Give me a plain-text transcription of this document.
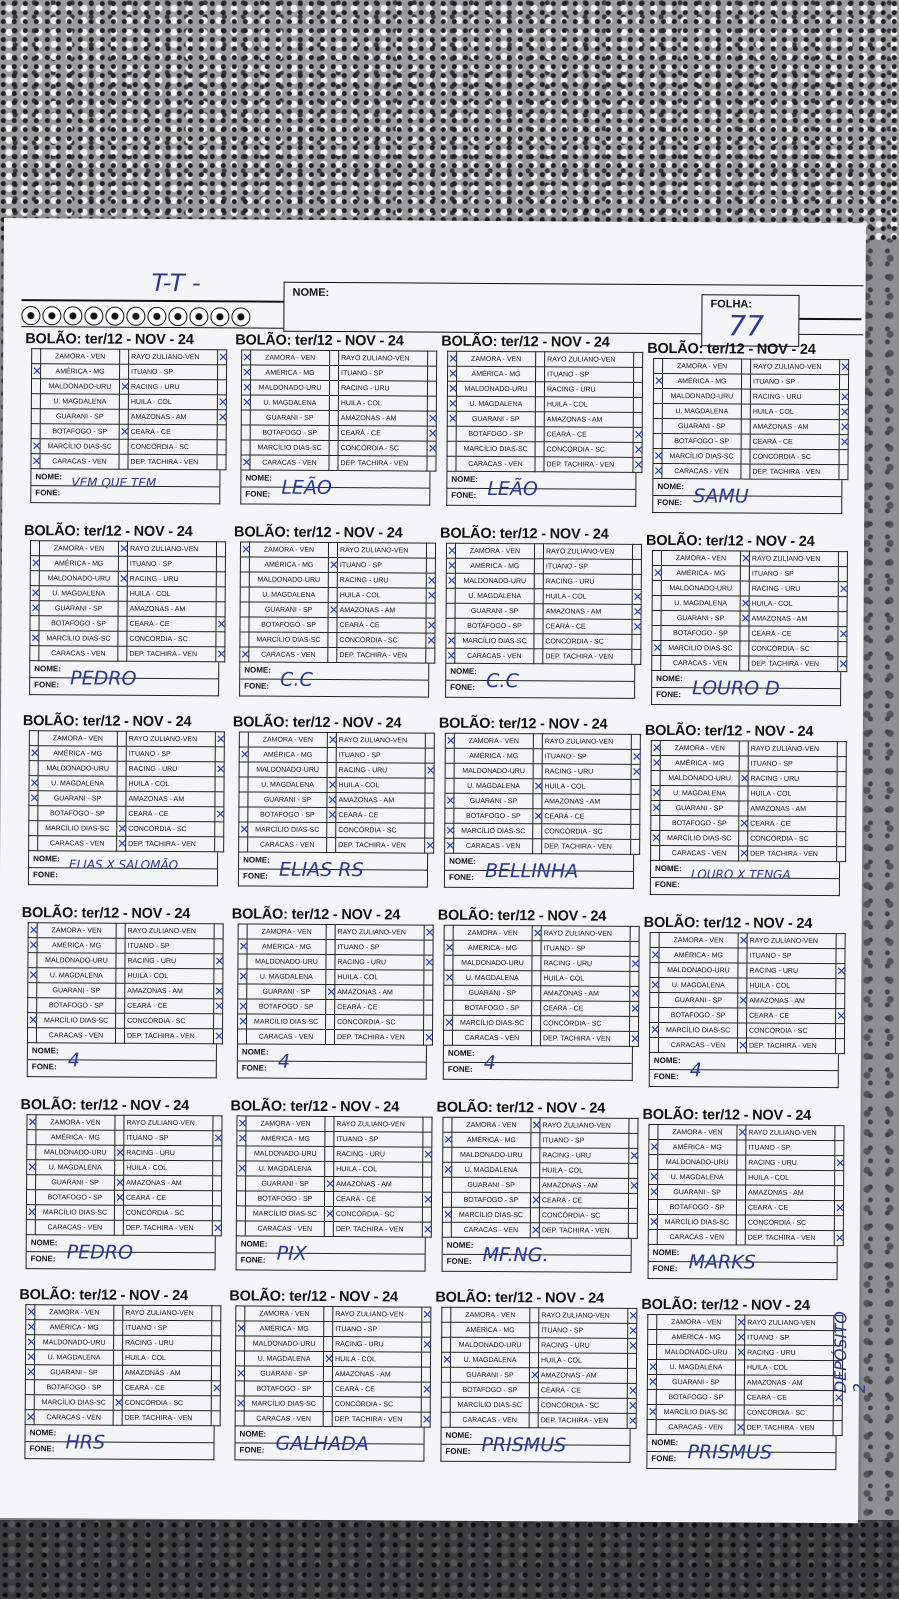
T-T -	NOME:
FOLHA:
77
BOLÃO: ter/12 - NOV - 24
	ZAMORA - VEN		RAYO ZULIANO-VEN	✕

✕	AMÉRICA - MG		ITUANO - SP	
	MALDONADO-URU	✕	RACING - URU	
	U. MAGDALENA		HUILA - COL	✕

	GUARANI - SP		AMAZONAS - AM	✕

	BOTAFOGO - SP	✕	CEARÁ - CE	

✕	MARCÍLIO DIAS-SC		CONCÓRDIA - SC	

✕	CARACAS - VEN		DEP. TACHIRA - VEN	
NOME:
FONE:
VEM QUE TEM
BOLÃO: ter/12 - NOV - 24
✕	ZAMORA - VEN		RAYO ZULIANO-VEN	

✕	AMÉRICA - MG		ITUANO - SP	

✕	MALDONADO-URU		RACING - URU	

✕	U. MAGDALENA		HUILA - COL	
	GUARANI - SP		AMAZONAS - AM	✕

	BOTAFOGO - SP		CEARÁ - CE	✕

	MARCÍLIO DIAS-SC		CONCÓRDIA - SC	✕

✕	CARACAS - VEN		DEP. TACHIRA - VEN	
NOME:
FONE: LEÃO
BOLÃO: ter/12 - NOV - 24
✕	ZAMORA - VEN		RAYO ZULIANO-VEN	

✕	AMÉRICA - MG		ITUANO - SP	

✕	MALDONADO-URU		RACING - URU	

✕	U. MAGDALENA		HUILA - COL	

✕	GUARANI - SP		AMAZONAS - AM	
	BOTAFOGO - SP		CEARÁ - CE	✕

	MARCÍLIO DIAS-SC		CONCÓRDIA - SC	✕

	CARACAS - VEN		DEP. TACHIRA - VEN	✕
NOME:
FONE: LEÃO
BOLÃO: ter/12 - NOV - 24
	ZAMORA - VEN		RAYO ZULIANO-VEN	✕

✕	AMÉRICA - MG		ITUANO - SP	
	MALDONADO-URU		RACING - URU	✕

	U. MAGDALENA		HUILA - COL	✕

	GUARANI - SP		AMAZONAS - AM	✕

	BOTAFOGO - SP		CEARÁ - CE	✕

✕	MARCÍLIO DIAS-SC		CONCÓRDIA - SC	

✕	CARACAS - VEN		DEP. TACHIRA - VEN	
NOME:
FONE: SAMU
BOLÃO: ter/12 - NOV - 24
	ZAMORA - VEN	✕	RAYO ZULIANO-VEN	

✕	AMÉRICA - MG		ITUANO - SP	
	MALDONADO-URU	✕	RACING - URU	

✕	U. MAGDALENA		HUILA - COL	

✕	GUARANI - SP		AMAZONAS - AM	
	BOTAFOGO - SP		CEARÁ - CE	✕

✕	MARCÍLIO DIAS-SC		CONCÓRDIA - SC	
	CARACAS - VEN		DEP. TACHIRA - VEN	✕
NOME:
FONE: PEDRO
BOLÃO: ter/12 - NOV - 24
✕	ZAMORA - VEN		RAYO ZULIANO-VEN	
	AMÉRICA - MG	✕	ITUANO - SP	
	MALDONADO-URU		RACING - URU	✕

	U. MAGDALENA		HUILA - COL	✕

	GUARANI - SP	✕	AMAZONAS - AM	
	BOTAFOGO - SP		CEARÁ - CE	✕

	MARCÍLIO DIAS-SC		CONCÓRDIA - SC	✕

✕	CARACAS - VEN		DEP. TACHIRA - VEN	
NOME:
FONE: C.C
BOLÃO: ter/12 - NOV - 24
✕	ZAMORA - VEN		RAYO ZULIANO-VEN	

✕	AMÉRICA - MG		ITUANO - SP	

✕	MALDONADO-URU		RACING - URU	
	U. MAGDALENA		HUILA - COL	✕

	GUARANI - SP		AMAZONAS - AM	✕

	BOTAFOGO - SP		CEARÁ - CE	✕

✕	MARCÍLIO DIAS-SC		CONCÓRDIA - SC	

✕	CARACAS - VEN		DEP. TACHIRA - VEN	
NOME:
FONE: C.C
BOLÃO: ter/12 - NOV - 24
	ZAMORA - VEN	✕	RAYO ZULIANO-VEN	

✕	AMÉRICA - MG		ITUANO - SP	
	MALDONADO-URU		RACING - URU	✕

	U. MAGDALENA	✕	HUILA - COL	
	GUARANI - SP	✕	AMAZONAS - AM	
	BOTAFOGO - SP		CEARÁ - CE	✕

✕	MARCÍLIO DIAS-SC		CONCÓRDIA - SC	
	CARACAS - VEN		DEP. TACHIRA - VEN	✕
NOME:
FONE: LOURO D
BOLÃO: ter/12 - NOV - 24
	ZAMORA - VEN		RAYO ZULIANO-VEN	✕

✕	AMÉRICA - MG		ITUANO - SP	
	MALDONADO-URU		RACING - URU	✕

✕	U. MAGDALENA		HUILA - COL	

✕	GUARANI - SP		AMAZONAS - AM	
	BOTAFOGO - SP		CEARÁ - CE	✕

	MARCÍLIO DIAS-SC	✕	CONCÓRDIA - SC	
	CARACAS - VEN	✕	DEP. TACHIRA - VEN	
NOME:
FONE:
ELIAS X SALOMÃO
BOLÃO: ter/12 - NOV - 24
	ZAMORA - VEN	✕	RAYO ZULIANO-VEN	

✕	AMÉRICA - MG		ITUANO - SP	
	MALDONADO-URU		RACING - URU	✕

	U. MAGDALENA	✕	HUILA - COL	
	GUARANI - SP	✕	AMAZONAS - AM	
	BOTAFOGO - SP	✕	CEARÁ - CE	

✕	MARCÍLIO DIAS-SC		CONCÓRDIA - SC	
	CARACAS - VEN		DEP. TACHIRA - VEN	✕
NOME:
FONE: ELIAS RS
BOLÃO: ter/12 - NOV - 24
✕	ZAMORA - VEN		RAYO ZULIANO-VEN	
	AMÉRICA - MG		ITUANO - SP	✕

	MALDONADO-URU		RACING - URU	✕

	U. MAGDALENA	✕	HUILA - COL	

✕	GUARANI - SP		AMAZONAS - AM	
	BOTAFOGO - SP	✕	CEARÁ - CE	

✕	MARCÍLIO DIAS-SC		CONCÓRDIA - SC	

✕	CARACAS - VEN		DEP. TACHIRA - VEN	
NOME:
FONE: BELLINHA
BOLÃO: ter/12 - NOV - 24
✕	ZAMORA - VEN		RAYO ZULIANO-VEN	

✕	AMÉRICA - MG		ITUANO - SP	
	MALDONADO-URU	✕	RACING - URU	

✕	U. MAGDALENA		HUILA - COL	

✕	GUARANI - SP		AMAZONAS - AM	
	BOTAFOGO - SP	✕	CEARÁ - CE	

✕	MARCÍLIO DIAS-SC		CONCÓRDIA - SC	
	CARACAS - VEN	✕	DEP. TACHIRA - VEN	
NOME:
FONE:
LOURO X TENGA
BOLÃO: ter/12 - NOV - 24
✕	ZAMORA - VEN		RAYO ZULIANO-VEN	

✕	AMÉRICA - MG		ITUANO - SP	
	MALDONADO-URU		RACING - URU	✕

✕	U. MAGDALENA		HUILA - COL	
	GUARANI - SP		AMAZONAS - AM	✕

	BOTAFOGO - SP		CEARÁ - CE	✕

✕	MARCÍLIO DIAS-SC		CONCÓRDIA - SC	
	CARACAS - VEN		DEP. TACHIRA - VEN	✕
NOME:
FONE: 4
BOLÃO: ter/12 - NOV - 24
	ZAMORA - VEN		RAYO ZULIANO-VEN	✕

✕	AMÉRICA - MG		ITUANO - SP	
	MALDONADO-URU		RACING - URU	✕

✕	U. MAGDALENA		HUILA - COL	
	GUARANI - SP	✕	AMAZONAS - AM	

✕	BOTAFOGO - SP		CEARÁ - CE	

✕	MARCÍLIO DIAS-SC		CONCÓRDIA - SC	
	CARACAS - VEN		DEP. TACHIRA - VEN	✕
NOME:
FONE: 4
BOLÃO: ter/12 - NOV - 24
	ZAMORA - VEN	✕	RAYO ZULIANO-VEN	

✕	AMÉRICA - MG		ITUANO - SP	
	MALDONADO-URU		RACING - URU	✕

✕	U. MAGDALENA		HUILA - COL	
	GUARANI - SP		AMAZONAS - AM	✕

	BOTAFOGO - SP		CEARÁ - CE	✕

✕	MARCÍLIO DIAS-SC		CONCÓRDIA - SC	
	CARACAS - VEN		DEP. TACHIRA - VEN	✕
NOME:
FONE: 4
BOLÃO: ter/12 - NOV - 24
	ZAMORA - VEN	✕	RAYO ZULIANO-VEN	

✕	AMÉRICA - MG		ITUANO - SP	
	MALDONADO-URU		RACING - URU	✕

✕	U. MAGDALENA		HUILA - COL	
	GUARANI - SP	✕	AMAZONAS - AM	
	BOTAFOGO - SP		CEARÁ - CE	✕

✕	MARCÍLIO DIAS-SC		CONCÓRDIA - SC	
	CARACAS - VEN	✕	DEP. TACHIRA - VEN	
NOME:
FONE: 4
BOLÃO: ter/12 - NOV - 24
✕	ZAMORA - VEN		RAYO ZULIANO-VEN	
	AMÉRICA - MG		ITUANO - SP	✕

	MALDONADO-URU	✕	RACING - URU	

✕	U. MAGDALENA		HUILA - COL	
	GUARANI - SP	✕	AMAZONAS - AM	
	BOTAFOGO - SP	✕	CEARÁ - CE	

✕	MARCÍLIO DIAS-SC		CONCÓRDIA - SC	
	CARACAS - VEN		DEP. TACHIRA - VEN	✕
NOME:
FONE: PEDRO
BOLÃO: ter/12 - NOV - 24
✕	ZAMORA - VEN		RAYO ZULIANO-VEN	

✕	AMÉRICA - MG		ITUANO - SP	
	MALDONADO-URU		RACING - URU	✕

✕	U. MAGDALENA		HUILA - COL	
	GUARANI - SP	✕	AMAZONAS - AM	
	BOTAFOGO - SP		CEARÁ - CE	✕

	MARCÍLIO DIAS-SC	✕	CONCÓRDIA - SC	
	CARACAS - VEN		DEP. TACHIRA - VEN	✕
NOME:
FONE: PIX
BOLÃO: ter/12 - NOV - 24
	ZAMORA - VEN	✕	RAYO ZULIANO-VEN	

✕	AMÉRICA - MG		ITUANO - SP	
	MALDONADO-URU		RACING - URU	✕

✕	U. MAGDALENA		HUILA - COL	
	GUARANI - SP		AMAZONAS - AM	✕

	BOTAFOGO - SP	✕	CEARÁ - CE	

✕	MARCÍLIO DIAS-SC		CONCÓRDIA - SC	
	CARACAS - VEN	✕	DEP. TACHIRA - VEN	
NOME:
FONE: MF.NG.
BOLÃO: ter/12 - NOV - 24
	ZAMORA - VEN	✕	RAYO ZULIANO-VEN	

✕	AMÉRICA - MG		ITUANO - SP	
	MALDONADO-URU		RACING - URU	✕

✕	U. MAGDALENA		HUILA - COL	

✕	GUARANI - SP		AMAZONAS - AM	
	BOTAFOGO - SP		CEARÁ - CE	✕

✕	MARCÍLIO DIAS-SC		CONCÓRDIA - SC	
	CARACAS - VEN		DEP. TACHIRA - VEN	✕
NOME:
FONE: MARKS
BOLÃO: ter/12 - NOV - 24
✕	ZAMORA - VEN		RAYO ZULIANO-VEN	

✕	AMÉRICA - MG		ITUANO - SP	

✕	MALDONADO-URU		RACING - URU	

✕	U. MAGDALENA		HUILA - COL	

✕	GUARANI - SP		AMAZONAS - AM	
	BOTAFOGO - SP		CEARÁ - CE	✕

	MARCÍLIO DIAS-SC	✕	CONCÓRDIA - SC	

✕	CARACAS - VEN		DEP. TACHIRA - VEN	
NOME:
FONE: HRS
BOLÃO: ter/12 - NOV - 24
	ZAMORA - VEN		RAYO ZULIANO-VEN	✕

✕	AMÉRICA - MG		ITUANO - SP	
	MALDONADO-URU		RACING - URU	✕

	U. MAGDALENA	✕	HUILA - COL	

✕	GUARANI - SP		AMAZONAS - AM	
	BOTAFOGO - SP		CEARÁ - CE	✕

✕	MARCÍLIO DIAS-SC		CONCÓRDIA - SC	
	CARACAS - VEN		DEP. TACHIRA - VEN	✕
NOME:
FONE: GALHADA
BOLÃO: ter/12 - NOV - 24
	ZAMORA - VEN		RAYO ZULIANO-VEN	✕

	AMÉRICA - MG		ITUANO - SP	✕

	MALDONADO-URU		RACING - URU	✕

✕	U. MAGDALENA		HUILA - COL	
	GUARANI - SP	✕	AMAZONAS - AM	
	BOTAFOGO - SP		CEARÁ - CE	✕

	MARCÍLIO DIAS-SC		CONCÓRDIA - SC	✕

	CARACAS - VEN		DEP. TACHIRA - VEN	✕
NOME:
FONE: PRISMUS
BOLÃO: ter/12 - NOV - 24
	ZAMORA - VEN	✕	RAYO ZULIANO-VEN	
	AMÉRICA - MG	✕	ITUANO - SP	
	MALDONADO-URU	✕	RACING - URU	

✕	U. MAGDALENA		HUILA - COL	

✕	GUARANI - SP		AMAZONAS - AM	
	BOTAFOGO - SP		CEARÁ - CE	✕

✕	MARCÍLIO DIAS-SC		CONCÓRDIA - SC	
	CARACAS - VEN	✕	DEP. TACHIRA - VEN	
NOME:
FONE: PRISMUS
DEPÓSITO 2
